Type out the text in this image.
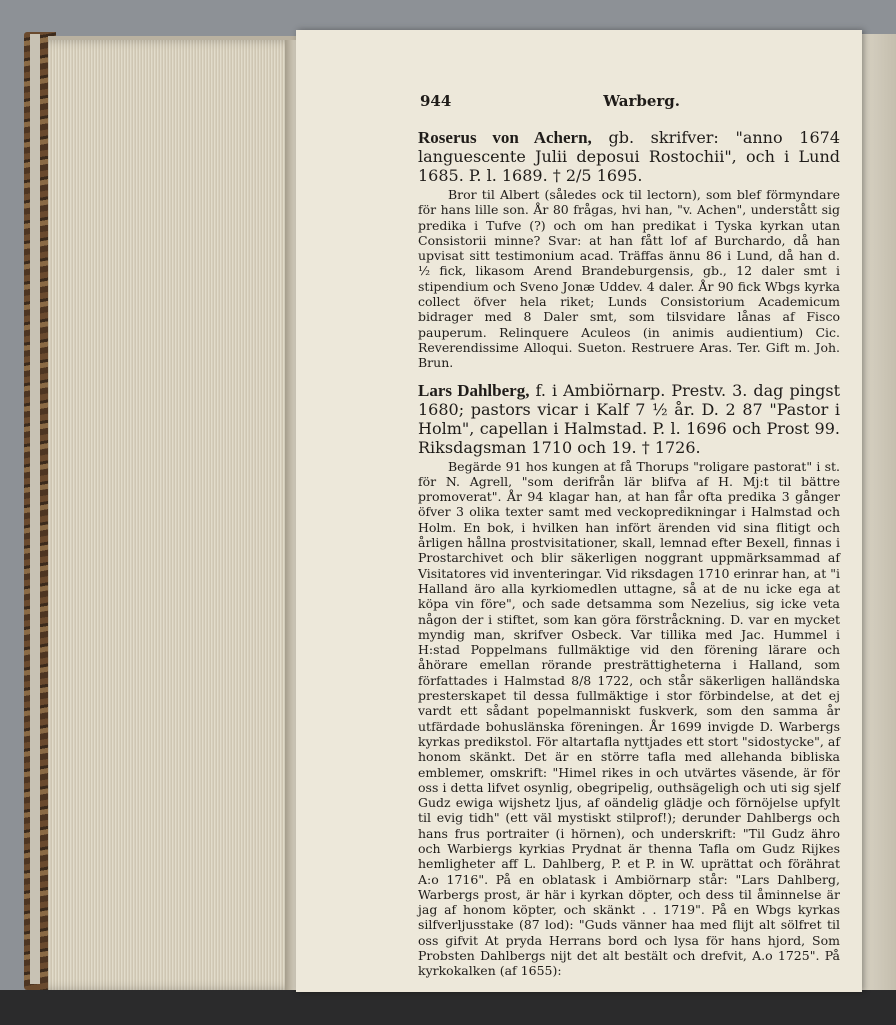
944	Warberg.

Roserus von Achern, gb. skrifver: "anno 1674 languescente Julii deposui Rostochii", och i Lund 1685. P. l. 1689. † 2/5 1695.

Bror til Albert (således ock til lectorn), som blef förmyndare för hans lille son. År 80 frågas, hvi han, "v. Achen", understått sig predika i Tufve (?) och om han predikat i Tyska kyrkan utan Consistorii minne? Svar: at han fått lof af Burchardo, då han upvisat sitt testimonium acad. Träffas ännu 86 i Lund, då han d. ½ fick, likasom Arend Brandeburgensis, gb., 12 daler smt i stipendium och Sveno Jonæ Uddev. 4 daler. År 90 fick Wbgs kyrka collect öfver hela riket; Lunds Consistorium Academicum bidrager med 8 Daler smt, som tilsvidare lånas af Fisco pauperum. Relinquere Aculeos (in animis audientium) Cic. Reverendissime Alloqui. Sueton. Restruere Aras. Ter. Gift m. Joh. Brun.

Lars Dahlberg, f. i Ambiörnarp. Prestv. 3. dag pingst 1680; pastors vicar i Kalf 7 ½ år. D. 2 87 "Pastor i Holm", capellan i Halmstad. P. l. 1696 och Prost 99. Riksdagsman 1710 och 19. † 1726.

Begärde 91 hos kungen at få Thorups "roligare pastorat" i st. för N. Agrell, "som derifrån lär blifva af H. Mj:t til bättre promoverat". År 94 klagar han, at han får ofta predika 3 gånger öfver 3 olika texter samt med veckopredikningar i Halmstad och Holm. En bok, i hvilken han infört ärenden vid sina flitigt och årligen hållna prostvisitationer, skall, lemnad efter Bexell, finnas i Prostarchivet och blir säkerligen noggrant uppmärksammad af Visitatores vid inventeringar. Vid riksdagen 1710 erinrar han, at "i Halland äro alla kyrkiomedlen uttagne, så at de nu icke ega at köpa vin före", och sade detsamma som Nezelius, sig icke veta någon der i stiftet, som kan göra förstråckning. D. var en mycket myndig man, skrifver Osbeck. Var tillika med Jac. Hummel i H:stad Poppelmans fullmäktige vid den förening lärare och åhörare emellan rörande presträttigheterna i Halland, som författades i Halmstad 8/8 1722, och står säkerligen halländska presterskapet til dessa fullmäktige i stor förbindelse, at det ej vardt ett sådant popelmanniskt fuskverk, som den samma år utfärdade bohuslänska föreningen. År 1699 invigde D. Warbergs kyrkas predikstol. För altartafla nyttjades ett stort "sidostycke", af honom skänkt. Det är en större tafla med allehanda bibliska emblemer, omskrift: "Himel rikes in och utvärtes väsende, är för oss i detta lifvet osynlig, obegripelig, outhsägeligh och uti sig sjelf Gudz ewiga wijshetz ljus, af oändelig glädje och förnöjelse upfylt til evig tidh" (ett väl mystiskt stilprof!); derunder Dahlbergs och hans frus portraiter (i hörnen), och underskrift: "Til Gudz ähro och Warbiergs kyrkias Prydnat är thenna Tafla om Gudz Rijkes hemligheter aff L. Dahlberg, P. et P. in W. uprättat och förährat A:o 1716". På en oblatask i Ambiörnarp står: "Lars Dahlberg, Warbergs prost, är här i kyrkan döpter, och dess til åminnelse är jag af honom köpter, och skänkt . . 1719". På en Wbgs kyrkas silfverljusstake (87 lod): "Guds vänner haa med flijt alt sölfret til oss gifvit At pryda Herrans bord och lysa för hans hjord, Som Probsten Dahlbergs nijt det alt bestält och drefvit, A.o 1725". På kyrkokalken (af 1655):
